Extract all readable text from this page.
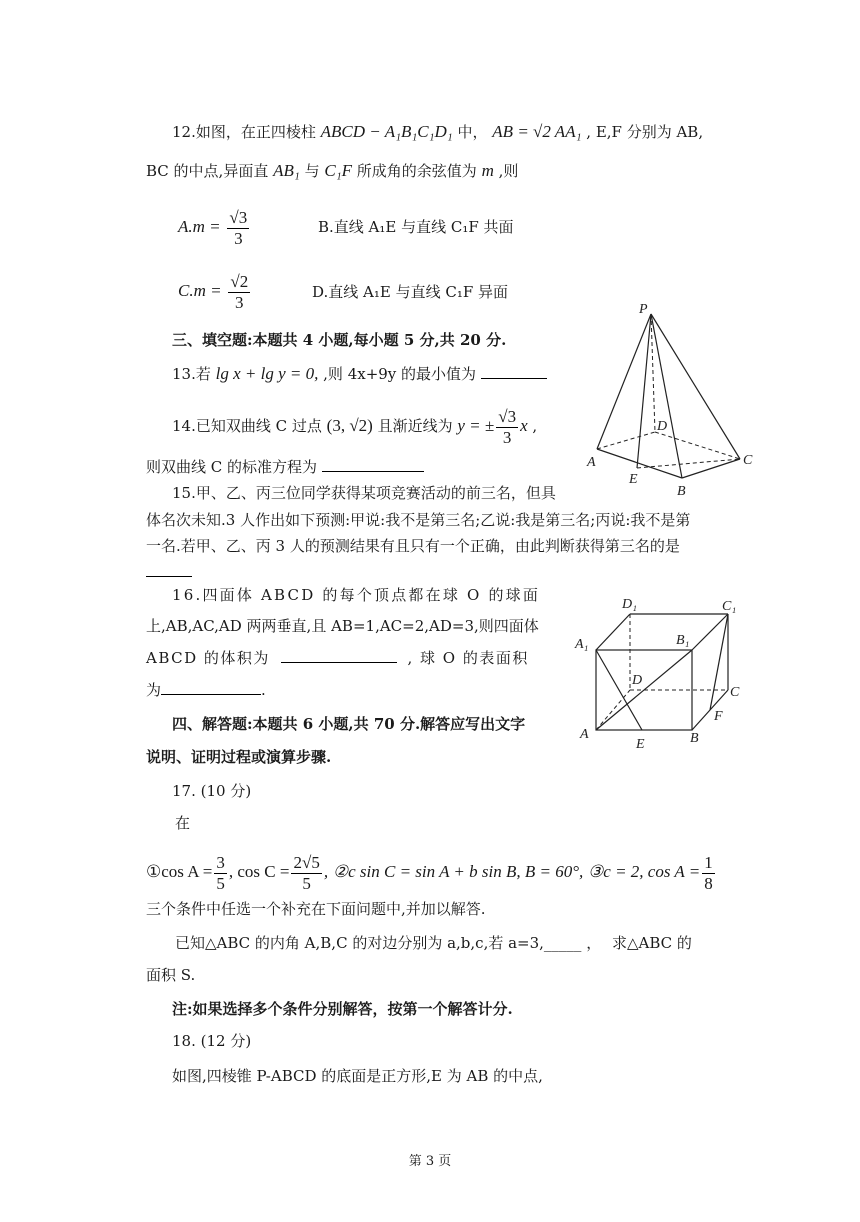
12.如图，在正四棱柱 ABCD − A₁B₁C₁D₁ 中， AB = √2 AA₁ , E,F 分别为 AB,
BC 的中点,异面直 AB₁ 与 C₁F 所成角的余弦值为 m ,则
$A.m = \frac{√3}{3}$	B.直线 A₁E 与直线 C₁F 共面
$C.m = \frac{√2}{3}$	D.直线 A₁E 与直线 C₁F 异面
三、填空题:本题共 4 小题,每小题 5 分,共 20 分.
13.若 lg x + lg y = 0, ,则 4x+9y 的最小值为
14.已知双曲线 C 过点 (3, √2) 且渐近线为 y = ± $\frac{√3}{3}$ x ,
则双曲线 C 的标准方程为
15.甲、乙、丙三位同学获得某项竞赛活动的前三名，但具
体名次未知.3 人作出如下预测:甲说:我不是第三名;乙说:我是第三名;丙说:我不是第
一名.若甲、乙、丙 3 人的预测结果有且只有一个正确，由此判断获得第三名的是
16.四面体 ABCD 的每个顶点都在球 O 的球面
上,AB,AC,AD 两两垂直,且 AB=1,AC=2,AD=3,则四面体
ABCD 的体积为	, 球 O 的表面积
为	.
四、解答题:本题共 6 小题,共 70 分.解答应写出文字
说明、证明过程或演算步骤.
17. (10 分)
在
①cos $A = \frac{3}{5}$ , $\cos C = \frac{2√5}{5}$ , ②c sin C = sin A + b sin B, B = 60°, ③c = 2, $\cos A = \frac{1}{8}$
三个条件中任选一个补充在下面问题中,并加以解答.
已知△ABC 的内角 A,B,C 的对边分别为 a,b,c,若 a=3,_____ ， 求△ABC 的
面积 S.
注:如果选择多个条件分别解答，按第一个解答计分.
18. (12 分)
如图,四棱锥 P-ABCD 的底面是正方形,E 为 AB 的中点,
P
D
A	C
E
B
D₁	C₁
A₁	B₁
D
C
F
A
E	B
第 3 页
